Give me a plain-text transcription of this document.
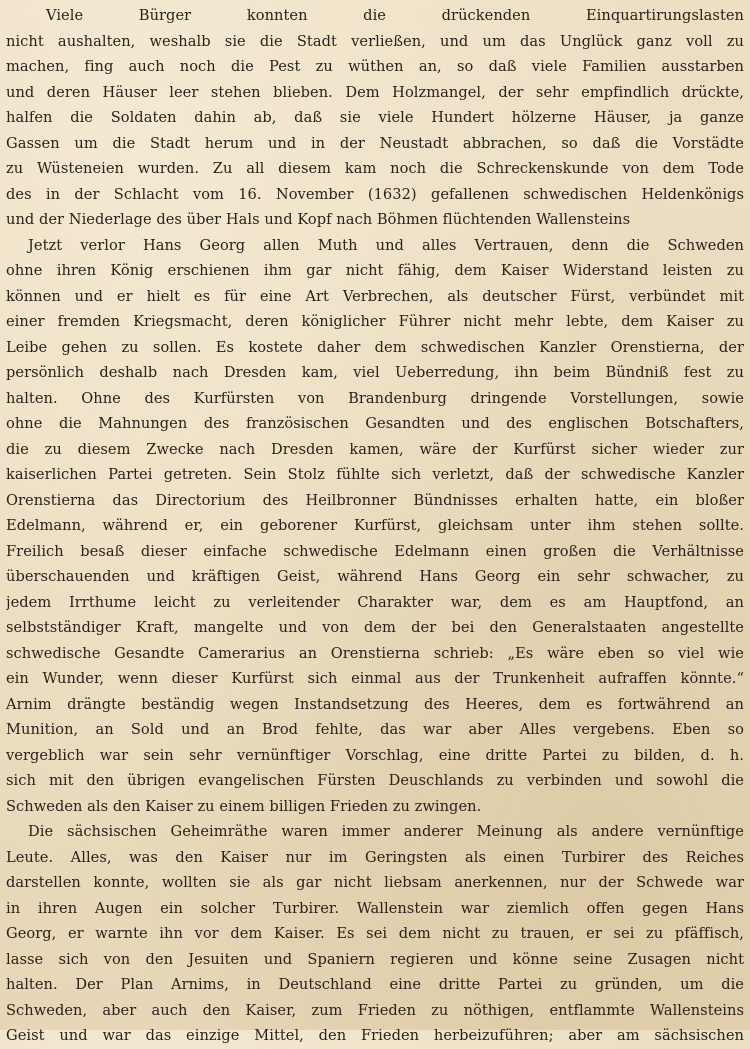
Viele Bürger konnten die drückenden Einquartirungslasten
nicht aushalten, weshalb sie die Stadt verließen, und um das Unglück ganz voll zu
machen, fing auch noch die Pest zu wüthen an, so daß viele Familien ausstarben
und deren Häuser leer stehen blieben. Dem Holzmangel, der sehr empfindlich drückte,
halfen die Soldaten dahin ab, daß sie viele Hundert hölzerne Häuser, ja ganze
Gassen um die Stadt herum und in der Neustadt abbrachen, so daß die Vorstädte
zu Wüsteneien wurden. Zu all diesem kam noch die Schreckenskunde von dem Tode
des in der Schlacht vom 16. November (1632) gefallenen schwedischen Heldenkönigs
und der Niederlage des über Hals und Kopf nach Böhmen flüchtenden Wallensteins
Jetzt verlor Hans Georg allen Muth und alles Vertrauen, denn die Schweden
ohne ihren König erschienen ihm gar nicht fähig, dem Kaiser Widerstand leisten zu
können und er hielt es für eine Art Verbrechen, als deutscher Fürst, verbündet mit
einer fremden Kriegsmacht, deren königlicher Führer nicht mehr lebte, dem Kaiser zu
Leibe gehen zu sollen. Es kostete daher dem schwedischen Kanzler Orenstierna, der
persönlich deshalb nach Dresden kam, viel Ueberredung, ihn beim Bündniß fest zu
halten. Ohne des Kurfürsten von Brandenburg dringende Vorstellungen, sowie
ohne die Mahnungen des französischen Gesandten und des englischen Botschafters,
die zu diesem Zwecke nach Dresden kamen, wäre der Kurfürst sicher wieder zur
kaiserlichen Partei getreten. Sein Stolz fühlte sich verletzt, daß der schwedische Kanzler
Orenstierna das Directorium des Heilbronner Bündnisses erhalten hatte, ein bloßer
Edelmann, während er, ein geborener Kurfürst, gleichsam unter ihm stehen sollte.
Freilich besaß dieser einfache schwedische Edelmann einen großen die Verhältnisse
überschauenden und kräftigen Geist, während Hans Georg ein sehr schwacher, zu
jedem Irrthume leicht zu verleitender Charakter war, dem es am Hauptfond, an
selbstständiger Kraft, mangelte und von dem der bei den Generalstaaten angestellte
schwedische Gesandte Camerarius an Orenstierna schrieb: „Es wäre eben so viel wie
ein Wunder, wenn dieser Kurfürst sich einmal aus der Trunkenheit aufraffen könnte.“
Arnim drängte beständig wegen Instandsetzung des Heeres, dem es fortwährend an
Munition, an Sold und an Brod fehlte, das war aber Alles vergebens. Eben so
vergeblich war sein sehr vernünftiger Vorschlag, eine dritte Partei zu bilden, d. h.
sich mit den übrigen evangelischen Fürsten Deuschlands zu verbinden und sowohl die
Schweden als den Kaiser zu einem billigen Frieden zu zwingen.
Die sächsischen Geheimräthe waren immer anderer Meinung als andere vernünftige
Leute. Alles, was den Kaiser nur im Geringsten als einen Turbirer des Reiches
darstellen konnte, wollten sie als gar nicht liebsam anerkennen, nur der Schwede war
in ihren Augen ein solcher Turbirer. Wallenstein war ziemlich offen gegen Hans
Georg, er warnte ihn vor dem Kaiser. Es sei dem nicht zu trauen, er sei zu pfäffisch,
lasse sich von den Jesuiten und Spaniern regieren und könne seine Zusagen nicht
halten. Der Plan Arnims, in Deutschland eine dritte Partei zu gründen, um die
Schweden, aber auch den Kaiser, zum Frieden zu nöthigen, entflammte Wallensteins
Geist und war das einzige Mittel, den Frieden herbeizuführen; aber am sächsischen
